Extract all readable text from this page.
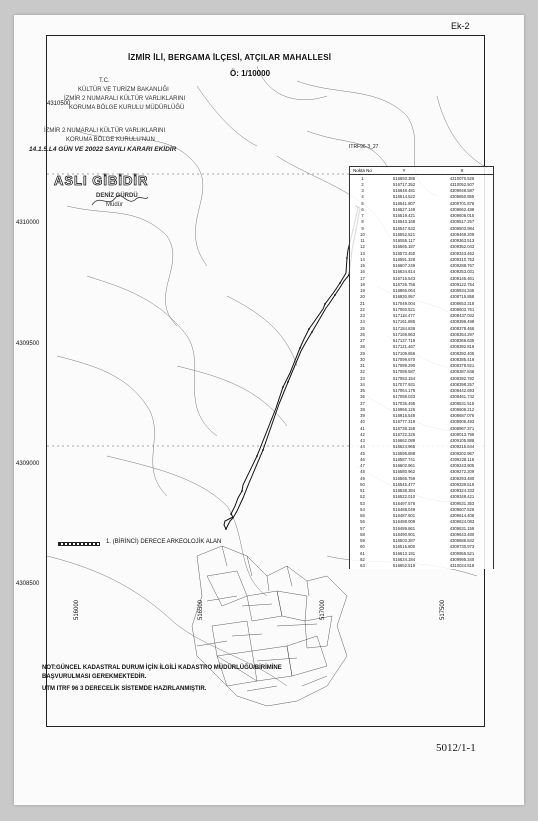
Ek-2
İZMİR İLİ, BERGAMA İLÇESİ, ATÇILAR MAHALLESİ
Ö: 1/10000
T.C.
KÜLTÜR VE TURİZM BAKANLIĞI
İZMİR 2 NUMARALI KÜLTÜR VARLIKLARINI
KORUMA BÖLGE KURULU MÜDÜRLÜĞÜ
İZMİR 2 NUMARALI KÜLTÜR VARLIKLARINI
KORUMA BÖLGE KURULU'NUN
14.1.5.L4 GÜN VE 20022 SAYILI KARARI EKİDİR
ASLI GİBİDİR
DENİZ GÜRDÜ
Müdür
4310500
4310000
4309500
4309000
4308500
516000	516500	517000	517500
ITRF96-3_27
Nokta No	Y	X
1	516693.386	4310070.526
2	516717.352	4310052.507
3	516648.481	4309948.587
4	516614.522	4309850.855
5	516541.807	4309701.876
6	516527.148	4309662.489
7	516519.421	4309606.015
8	516543.168	4309517.257
9	516547.632	4309503.984
10	516552.521	4309469.209
11	516555.117	4309363.513
12	516565.187	4309352.043
13	516573.450	4309343.462
14	516591.328	4309310.763
15	516607.249	4309288.767
16	516634.614	4309253.031
17	516716.543	4309145.461
18	516726.756	4309122.754
19	516866.064	4308934.345
20	516930.957	4308715.858
21	517049.004	4308653.318
22	517060.521	4308603.761
23	517118.477	4308437.032
24	517161.885	4308396.498
25	517184.836	4308378.466
26	517169.863	4308354.297
27	517137.719	4308366.635
28	517121.467	4308392.819
29	517109.656	4308392.405
30	517099.670	4308385.416
31	517089.290	4308378.921
32	517089.587	4308387.846
33	517083.154	4308392.782
34	517077.931	4308398.257
35	517064.178	4308442.693
36	517058.033	4308461.742
37	517035.495	4308531.515
38	516966.126	4308609.212
39	516915.548	4308687.076
40	516777.319	4308906.493
41	516738.158	4308967.371
42	516722.325	4309013.796
43	516662.089	4309105.888
44	516624.965	4309215.644
45	516595.888	4309202.967
46	516587.741	4309228.118
47	516602.961	4309243.905
48	516580.962	4309272.209
49	516566.759	4309293.480
50	516545.477	4309339.516
51	516538.384	4309324.333
52	516522.010	4309348.421
53	516497.576	4309531.353
54	516488.049	4309607.526
55	516487.601	4309614.408
56	516488.009	4309624.083
57	516489.861	4309631.159
58	516490.901	4309643.480
59	516503.287	4309686.842
60	516515.800	4309730.973
61	516613.191	4309955.521
62	516634.184	4309995.340
63	516652.519	4310024.818
1. (BİRİNCİ) DERECE ARKEOLOJİK ALAN
NOT:GÜNCEL KADASTRAL DURUM İÇİN İLGİLİ KADASTRO MÜDÜRLÜĞÜ/BİRİMİNE
BAŞVURULMASI GEREKMEKTEDİR.
UTM ITRF 96 3 DERECELİK SİSTEMDE HAZIRLANMIŞTIR.
5012/1-1
